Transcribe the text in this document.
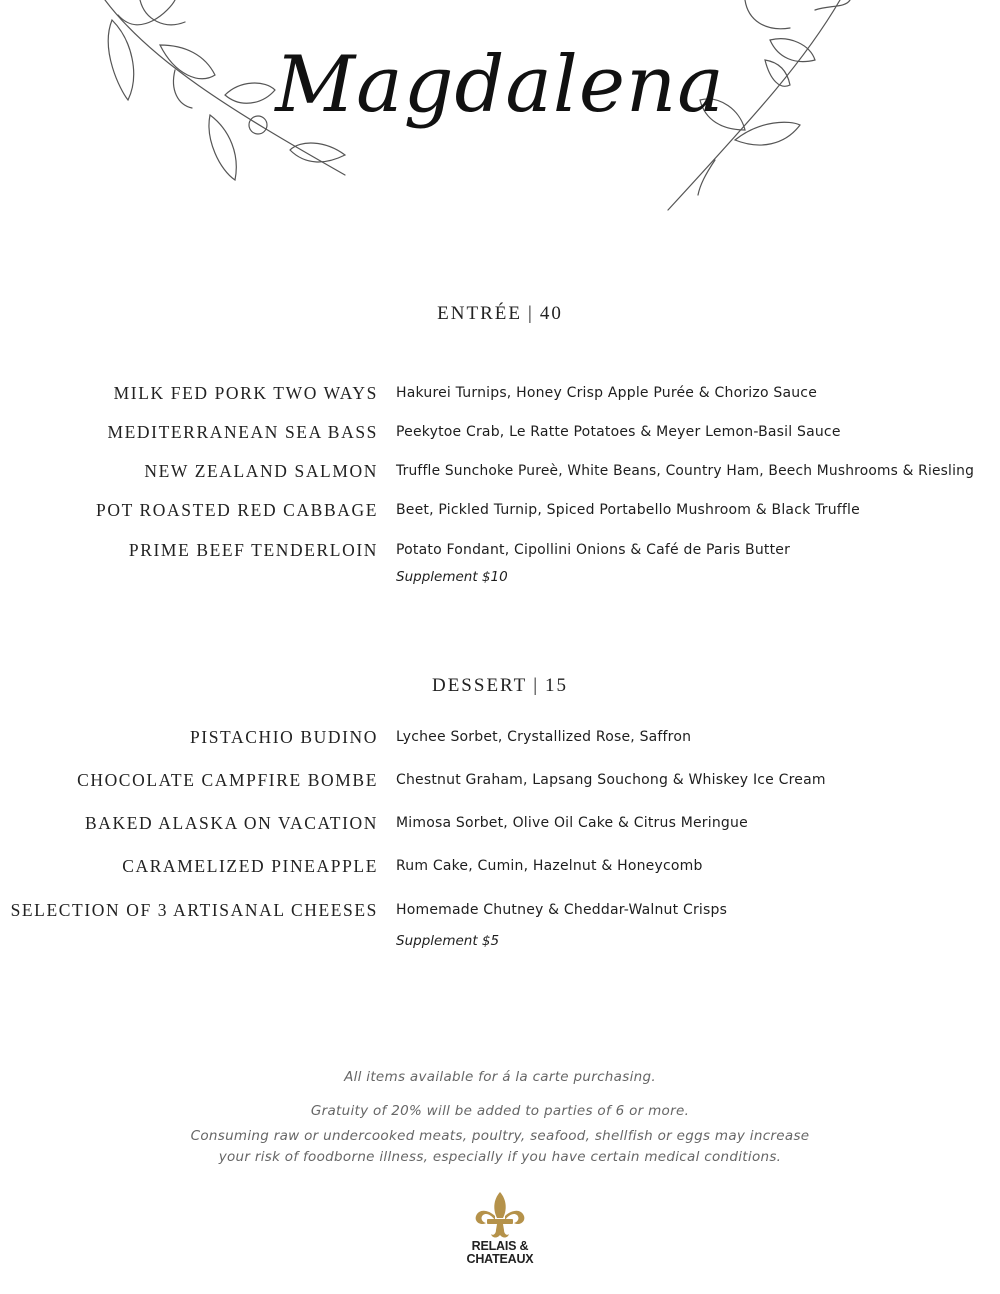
Magdalena
ENTRÉE | 40
MILK FED PORK TWO WAYS Hakurei Turnips, Honey Crisp Apple Purée & Chorizo Sauce
MEDITERRANEAN SEA BASS Peekytoe Crab, Le Ratte Potatoes & Meyer Lemon-Basil Sauce
NEW ZEALAND SALMON Truffle Sunchoke Pureè, White Beans, Country Ham, Beech Mushrooms & Riesling
POT ROASTED RED CABBAGE Beet, Pickled Turnip, Spiced Portabello Mushroom & Black Truffle
PRIME BEEF TENDERLOIN Potato Fondant, Cipollini Onions & Café de Paris Butter
Supplement $10
DESSERT | 15
PISTACHIO BUDINO Lychee Sorbet, Crystallized Rose, Saffron
CHOCOLATE CAMPFIRE BOMBE Chestnut Graham, Lapsang Souchong & Whiskey Ice Cream
BAKED ALASKA ON VACATION Mimosa Sorbet, Olive Oil Cake & Citrus Meringue
CARAMELIZED PINEAPPLE Rum Cake, Cumin, Hazelnut & Honeycomb
SELECTION OF 3 ARTISANAL CHEESES Homemade Chutney & Cheddar-Walnut Crisps
Supplement $5
All items available for á la carte purchasing.
Gratuity of 20% will be added to parties of 6 or more.
Consuming raw or undercooked meats, poultry, seafood, shellfish or eggs may increase
your risk of foodborne illness, especially if you have certain medical conditions.
RELAIS &
CHATEAUX
